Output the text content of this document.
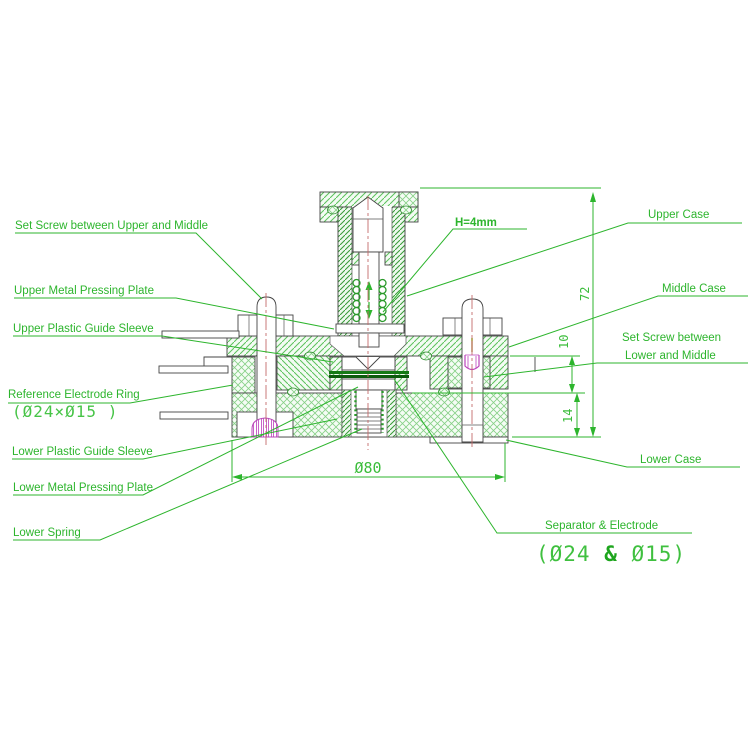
72
10
14
Ø80
Set Screw between Upper and Middle
Upper Metal Pressing Plate
Upper Plastic Guide Sleeve
Reference Electrode Ring
(Ø24×Ø15 )
Lower Plastic Guide Sleeve
Lower Metal Pressing Plate
Lower Spring
H=4mm
Upper Case
Middle Case
Set Screw between
Lower and Middle
Lower Case
Separator & Electrode
(Ø24 & Ø15)
